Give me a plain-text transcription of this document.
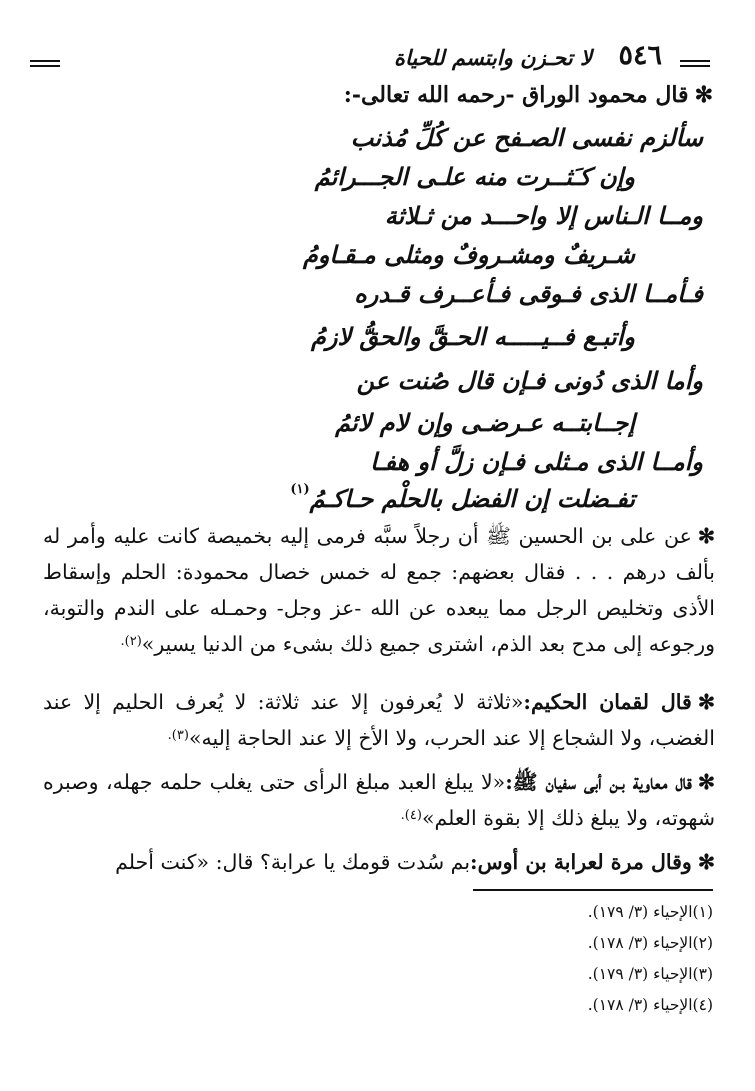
٥٤٦
لا تحـزن وابتسم للحياة
✻قال محمود الوراق -رحمه الله تعالى-:
سألزم نفسى الصـفح عن كُلِّ مُذنب
وإن كـَثــرت منه علـى الجـــرائمُ
ومــا الـناس إلا واحـــد من ثـلاثة
شـريفٌ ومشـروفٌ ومثلى مـقـاومُ
فـأمــا الذى فـوقى فـأعــرف قـدره
وأتبـع فــيـــــه الحـقَّ والحقُّ لازمُ
وأما الذى دُونى فـإن قال صُنت عن
إجــابتــه عـرضـى وإن لام لائمُ
وأمــا الذى مـثلى فـإن زلَّ أو هفـا
تفـضلت إن الفضل بالحلْم حـاكـمُ$^{(١)}$
✻عن على بن الحسين ﷺ أن رجلاً سبَّه فرمى إليه بخميصة كانت عليه وأمر له بألف درهم . . . فقال بعضهم: جمع له خمس خصال محمودة: الحلم وإسقاط الأذى وتخليص الرجل مما يبعده عن الله -عز وجل- وحمـله على الندم والتوبة، ورجوعه إلى مدح بعد الذم، اشترى جميع ذلك بشىء من الدنيا يسير»$^{(٢).}$
✻قال لقمان الحكيم:«ثلاثة لا يُعرفون إلا عند ثلاثة: لا يُعرف الحليم إلا عند الغضب، ولا الشجاع إلا عند الحرب، ولا الأخ إلا عند الحاجة إليه»$^{(٣).}$
✻قال معاوية بـن أبى سفيان ﷺ:«لا يبلغ العبد مبلغ الرأى حتى يغلب حلمه جهله، وصبره شهوته، ولا يبلغ ذلك إلا بقوة العلم»$^{(٤).}$
✻وقال مرة لعرابة بن أوس:بم سُدت قومك يا عرابة؟ قال: «كنت أحلم
(١)الإحياء (٣/ ١٧٩).
(٢)الإحياء (٣/ ١٧٨).
(٣)الإحياء (٣/ ١٧٩).
(٤)الإحياء (٣/ ١٧٨).
